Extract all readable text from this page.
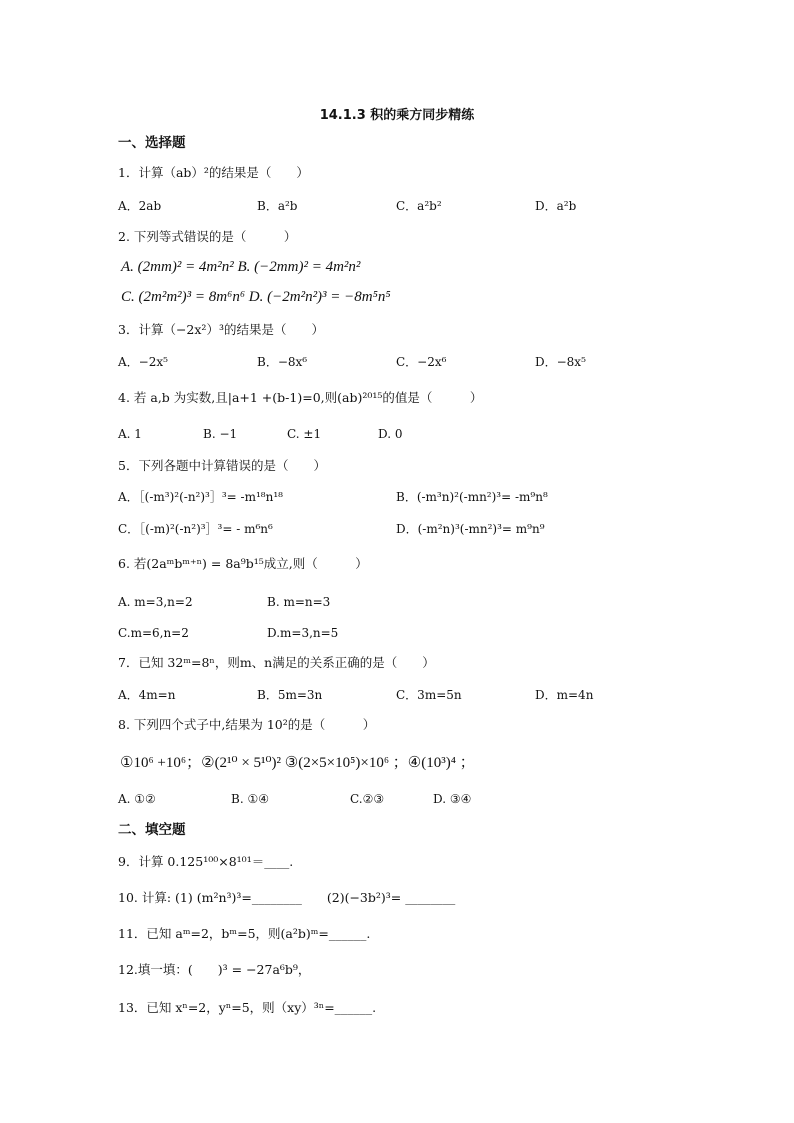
14.1.3 积的乘方同步精练
一、选择题
1．计算（ab）²的结果是（　　）
A．2ab	B．a²b	C．a²b²	D．a²b
2. 下列等式错误的是（　　　）
A. (2mm)² = 4m²n² B. (−2mm)² = 4m²n²
C. (2m²m²)³ = 8m⁶n⁶ D. (−2m²n²)³ = −8m⁵n⁵
3．计算（−2x²）³的结果是（　　）
A．−2x⁵	B．−8x⁶	C．−2x⁶	D．−8x⁵
4. 若 a,b 为实数,且|a+1 +(b-1)=0,则(ab)²⁰¹⁵的值是（　　　）
A. 1	B. −1	C. ±1	D. 0
5．下列各题中计算错误的是（　　）
A．［(-m³)²(-n²)³］³= -m¹⁸n¹⁸	B．(-m³n)²(-mn²)³= -m⁹n⁸
C．［(-m)²(-n²)³］³= - m⁶n⁶	D．(-m²n)³(-mn²)³= m⁹n⁹
6. 若(2aᵐbᵐ⁺ⁿ) = 8a⁹b¹⁵成立,则（　　　）
A. m=3,n=2	B. m=n=3
C.m=6,n=2	D.m=3,n=5
7．已知 32ᵐ=8ⁿ，则m、n满足的关系正确的是（　　）
A．4m=n	B．5m=3n	C．3m=5n	D．m=4n
8. 下列四个式子中,结果为 10²的是（　　　）
①10⁶ +10⁶；②(2¹⁰ × 5¹⁰)² ③(2×5×10⁵)×10⁶ ；④(10³)⁴ ；
A. ①②	B. ①④	C.②③	D. ③④
二、填空题
9．计算 0.125¹⁰⁰×8¹⁰¹＝____.
10. 计算: (1) (m²n³)³=________　　(2)(−3b²)³= ________
11．已知 aᵐ=2，bᵐ=5，则(a²b)ᵐ=______.
12.填一填：(　　)³ = −27a⁶b⁹，
13．已知 xⁿ=2，yⁿ=5，则（xy）³ⁿ=______.
